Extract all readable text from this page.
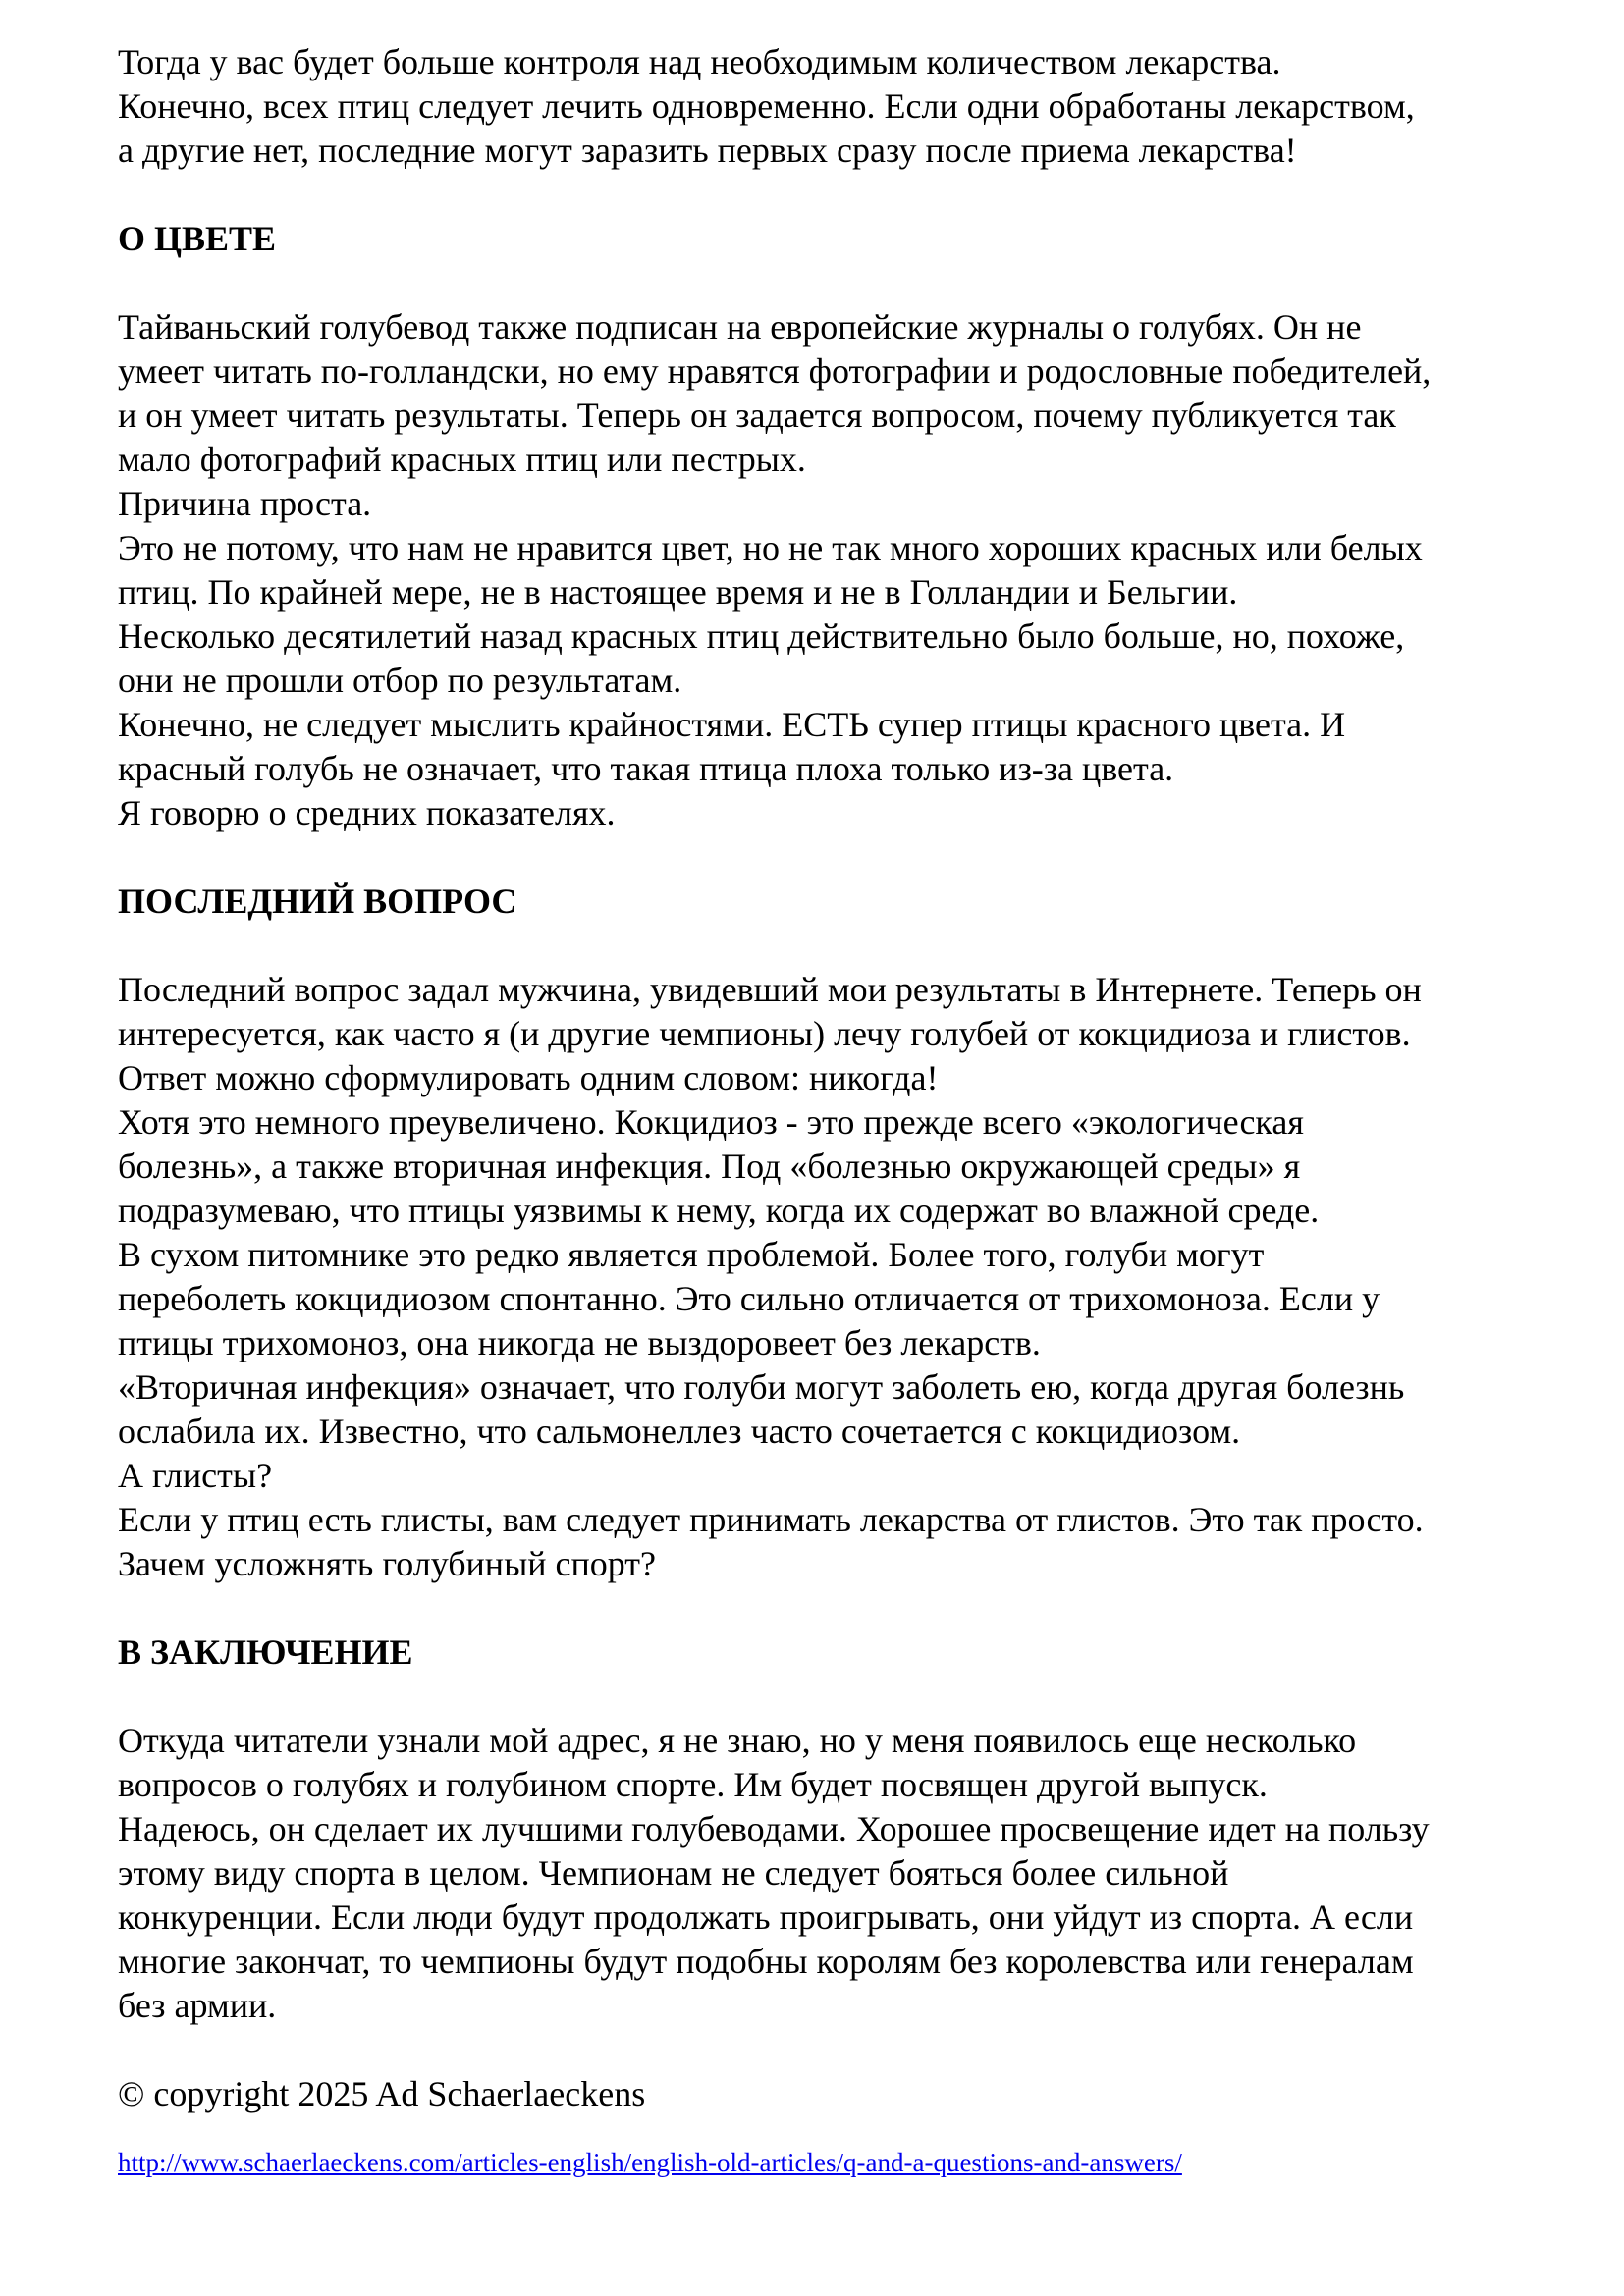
Тогда у вас будет больше контроля над необходимым количеством лекарства.
Конечно, всех птиц следует лечить одновременно. Если одни обработаны лекарством,
а другие нет, последние могут заразить первых сразу после приема лекарства!
О ЦВЕТЕ
Тайваньский голубевод также подписан на европейские журналы о голубях. Он не
умеет читать по-голландски, но ему нравятся фотографии и родословные победителей,
и он умеет читать результаты. Теперь он задается вопросом, почему публикуется так
мало фотографий красных птиц или пестрых.
Причина проста.
Это не потому, что нам не нравится цвет, но не так много хороших красных или белых
птиц. По крайней мере, не в настоящее время и не в Голландии и Бельгии.
Несколько десятилетий назад красных птиц действительно было больше, но, похоже,
они не прошли отбор по результатам.
Конечно, не следует мыслить крайностями. ЕСТЬ супер птицы красного цвета. И
красный голубь не означает, что такая птица плоха только из-за цвета.
Я говорю о средних показателях.
ПОСЛЕДНИЙ ВОПРОС
Последний вопрос задал мужчина, увидевший мои результаты в Интернете. Теперь он
интересуется, как часто я (и другие чемпионы) лечу голубей от кокцидиоза и глистов.
Ответ можно сформулировать одним словом: никогда!
Хотя это немного преувеличено. Кокцидиоз - это прежде всего «экологическая
болезнь», а также вторичная инфекция. Под «болезнью окружающей среды» я
подразумеваю, что птицы уязвимы к нему, когда их содержат во влажной среде.
В сухом питомнике это редко является проблемой. Более того, голуби могут
переболеть кокцидиозом спонтанно. Это сильно отличается от трихомоноза. Если у
птицы трихомоноз, она никогда не выздоровеет без лекарств.
«Вторичная инфекция» означает, что голуби могут заболеть ею, когда другая болезнь
ослабила их. Известно, что сальмонеллез часто сочетается с кокцидиозом.
А глисты?
Если у птиц есть глисты, вам следует принимать лекарства от глистов. Это так просто.
Зачем усложнять голубиный спорт?
В ЗАКЛЮЧЕНИЕ
Откуда читатели узнали мой адрес, я не знаю, но у меня появилось еще несколько
вопросов о голубях и голубином спорте. Им будет посвящен другой выпуск.
Надеюсь, он сделает их лучшими голубеводами. Хорошее просвещение идет на пользу
этому виду спорта в целом. Чемпионам не следует бояться более сильной
конкуренции. Если люди будут продолжать проигрывать, они уйдут из спорта. А если
многие закончат, то чемпионы будут подобны королям без королевства или генералам
без армии.
© copyright 2025 Ad Schaerlaeckens
http://www.schaerlaeckens.com/articles-english/english-old-articles/q-and-a-questions-and-answers/
